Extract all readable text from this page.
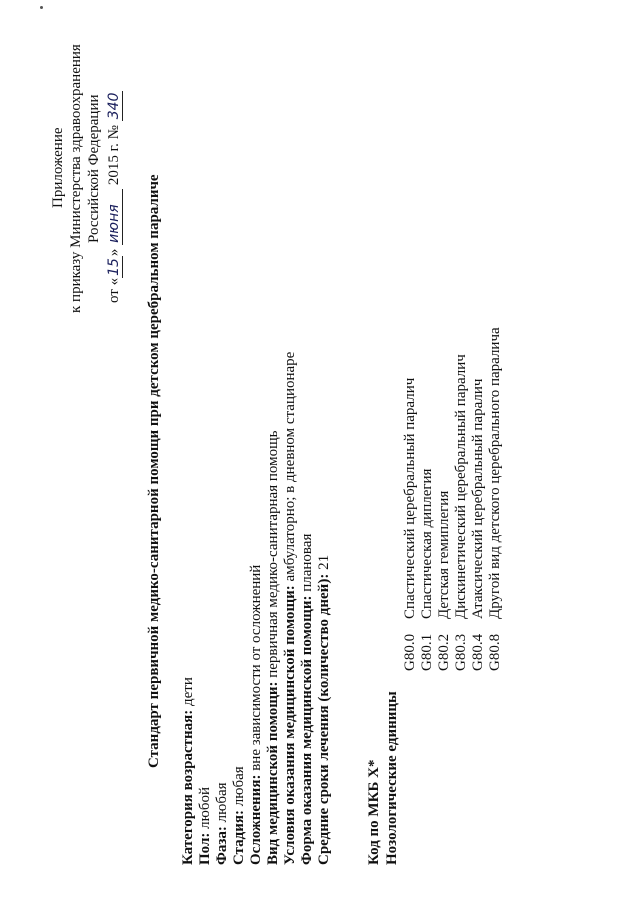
Приложение к приказу Министерства здравоохранения Российской Федерации
от «15» июня 2015 г. № 340
Стандарт первичной медико-санитарной помощи при детском церебральном параличе
Категория возрастная: дети
Пол: любой
Фаза: любая
Стадия: любая Осложнения: вне зависимости от осложнений Вид медицинской помощи: первичная медико-санитарная помощь
Условия оказания медицинской помощи: амбулаторно; в дневном стационаре
Форма оказания медицинской помощи: плановая
Средние сроки лечения (количество дней): 21
Код по МКБ X* Нозологические единицы
G80.0
Спастический церебральный паралич
G80.1
Спастическая диплегия
G80.2
Детская гемиплегия
G80.3
Дискинетический церебральный паралич
G80.4
Атаксический церебральный паралич
G80.8
Другой вид детского церебрального паралича
